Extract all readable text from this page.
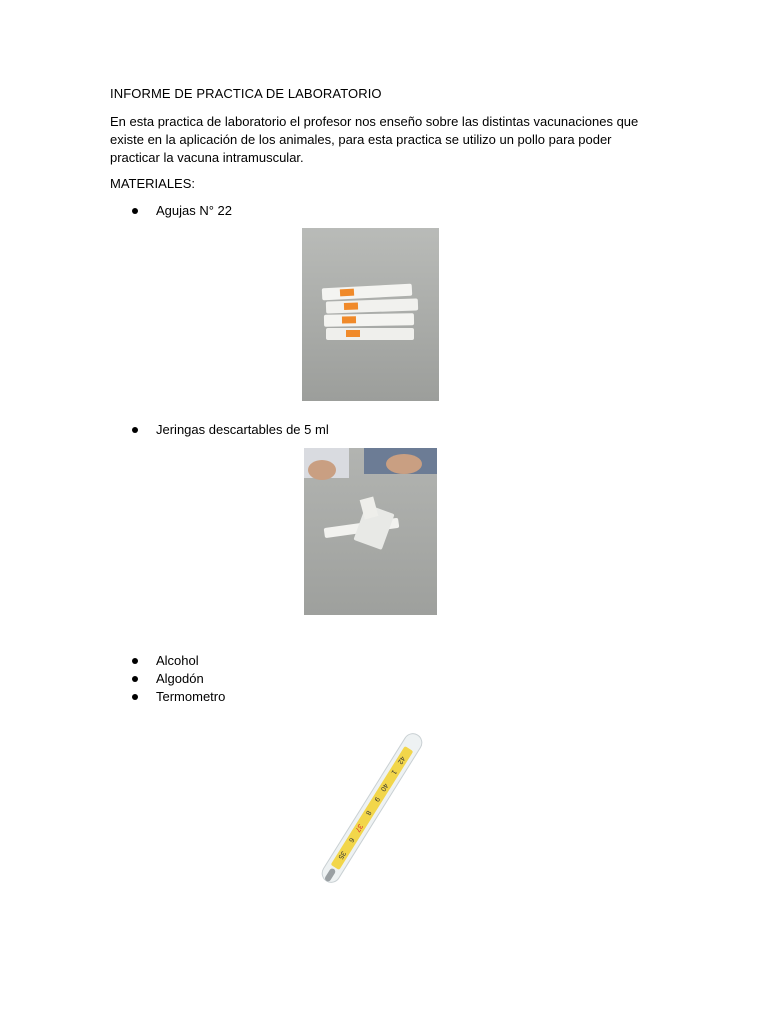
INFORME DE PRACTICA DE LABORATORIO
En esta practica de laboratorio el profesor nos enseño sobre las distintas vacunaciones que
existe en la aplicación de los animales, para esta practica se utilizo un pollo para poder
practicar la vacuna intramuscular.
MATERIALES:
Agujas N° 22
Jeringas descartables de 5 ml
Alcohol
Algodón
Termometro
35
6
37
8
9
40
1
42
